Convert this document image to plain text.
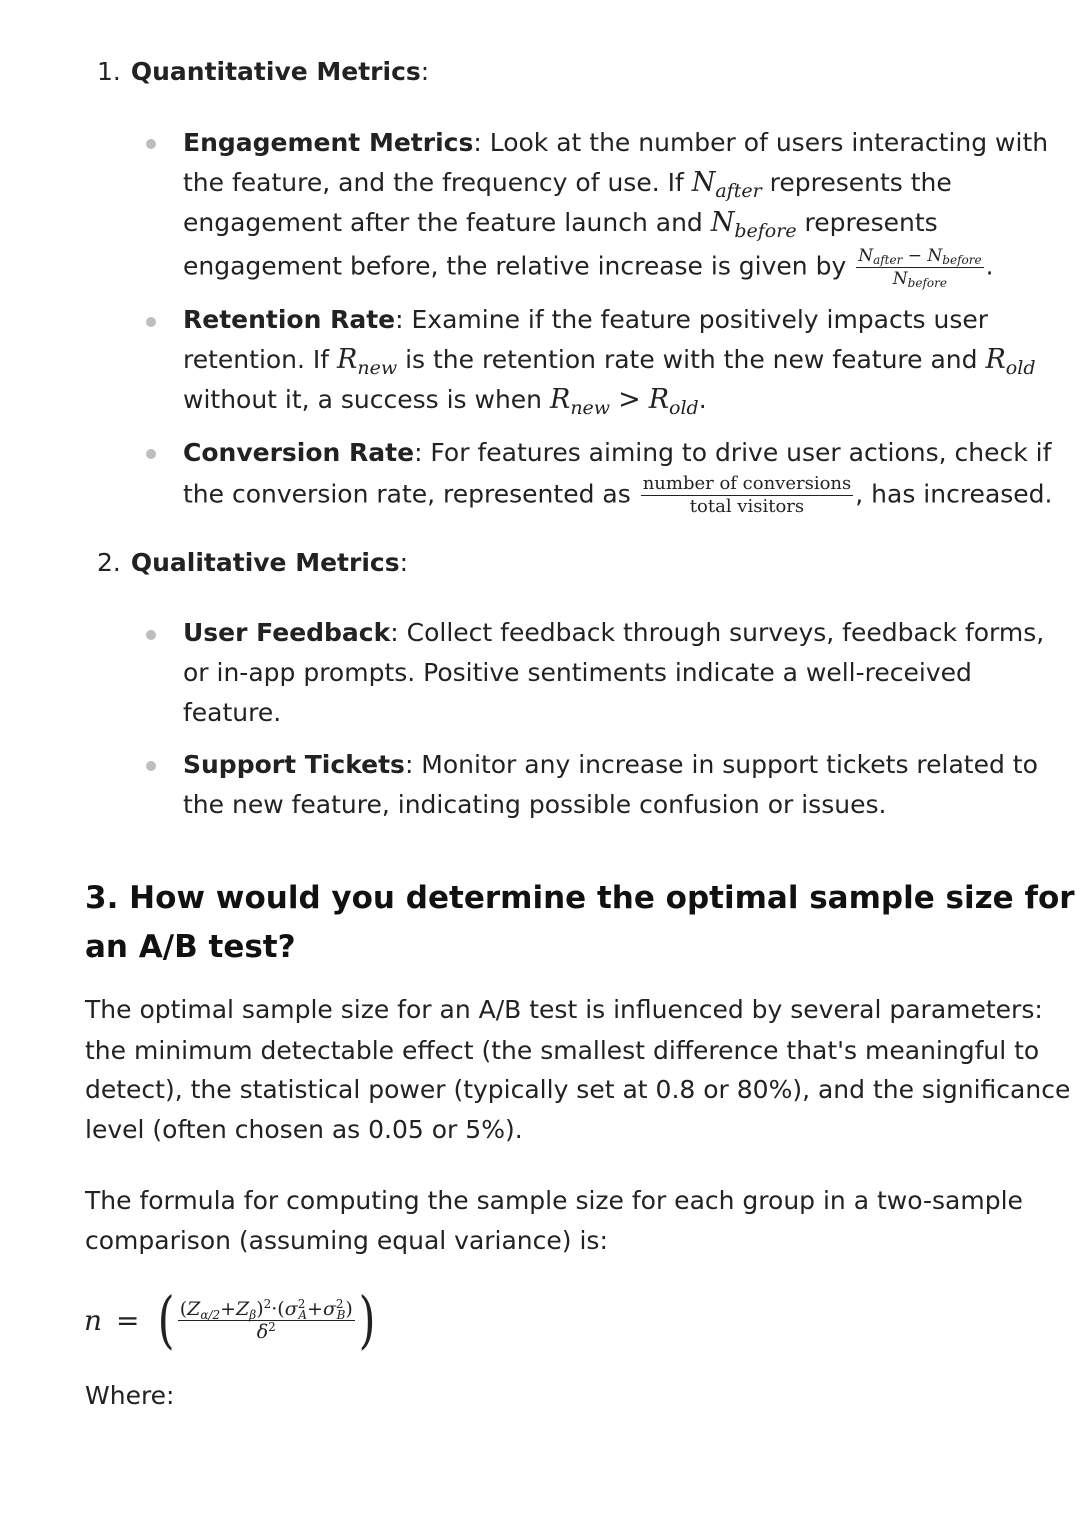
1. Quantitative Metrics:
Engagement Metrics: Look at the number of users interacting with
the feature, and the frequency of use. If $N_{after}$ represents the
engagement after the feature launch and $N_{before}$ represents
engagement before, the relative increase is given by $\frac{N_{after} - N_{before}}{N_{before}}$ .
Retention Rate: Examine if the feature positively impacts user
retention. If $R_{new}$ is the retention rate with the new feature and $R_{old}$
without it, a success is when $R_{new} > R_{old}$.
Conversion Rate: For features aiming to drive user actions, check if
the conversion rate, represented as $\frac{\text{number of conversions}}{\text{total visitors}}$ , has increased.
2. Qualitative Metrics:
User Feedback: Collect feedback through surveys, feedback forms,
or in-app prompts. Positive sentiments indicate a well-received
feature.
Support Tickets: Monitor any increase in support tickets related to
the new feature, indicating possible confusion or issues.
3. How would you determine the optimal sample size for
an A/B test?
The optimal sample size for an A/B test is influenced by several parameters:
the minimum detectable effect (the smallest difference that's meaningful to
detect), the statistical power (typically set at 0.8 or 80%), and the significance
level (often chosen as 0.05 or 5%).
The formula for computing the sample size for each group in a two-sample
comparison (assuming equal variance) is:
n = ( $(Z_{\alpha/2}+Z_\beta)^2\cdot(\sigma^2_A+\sigma^2_B)$
$\delta^2$	)
Where:
